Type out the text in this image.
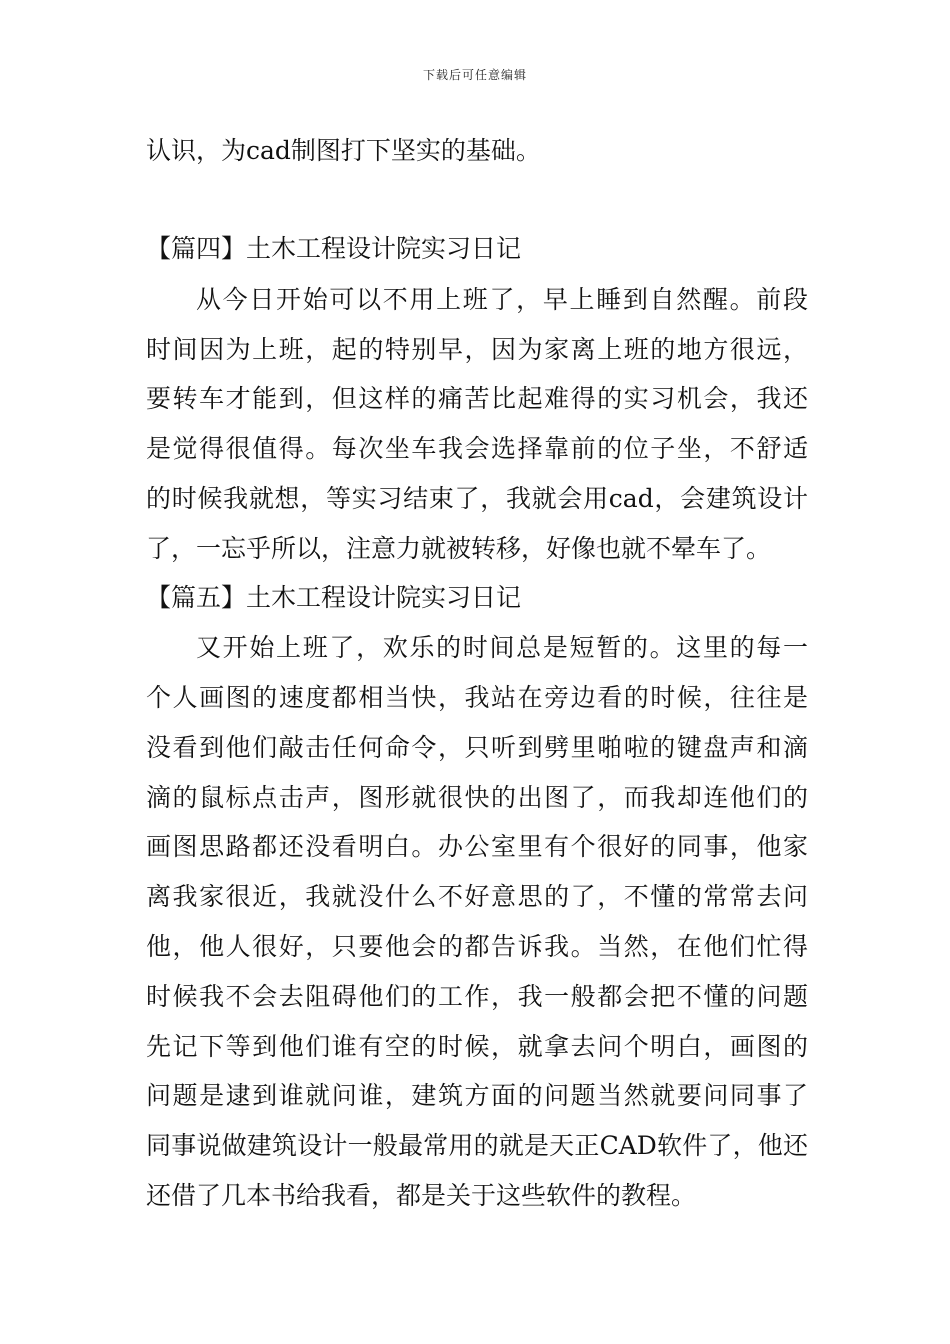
下载后可任意编辑
认识，为cad制图打下坚实的基础。
【篇四】土木工程设计院实习日记
从今日开始可以不用上班了，早上睡到自然醒。前段
时间因为上班，起的特别早，因为家离上班的地方很远，
要转车才能到，但这样的痛苦比起难得的实习机会，我还
是觉得很值得。每次坐车我会选择靠前的位子坐，不舒适
的时候我就想，等实习结束了，我就会用cad，会建筑设计
了，一忘乎所以，注意力就被转移，好像也就不晕车了。
【篇五】土木工程设计院实习日记
又开始上班了，欢乐的时间总是短暂的。这里的每一
个人画图的速度都相当快，我站在旁边看的时候，往往是
没看到他们敲击任何命令，只听到劈里啪啦的键盘声和滴
滴的鼠标点击声，图形就很快的出图了，而我却连他们的
画图思路都还没看明白。办公室里有个很好的同事，他家
离我家很近，我就没什么不好意思的了，不懂的常常去问
他，他人很好，只要他会的都告诉我。当然，在他们忙得
时候我不会去阻碍他们的工作，我一般都会把不懂的问题
先记下等到他们谁有空的时候，就拿去问个明白，画图的
问题是逮到谁就问谁，建筑方面的问题当然就要问同事了
同事说做建筑设计一般最常用的就是天正CAD软件了，他还
还借了几本书给我看，都是关于这些软件的教程。
